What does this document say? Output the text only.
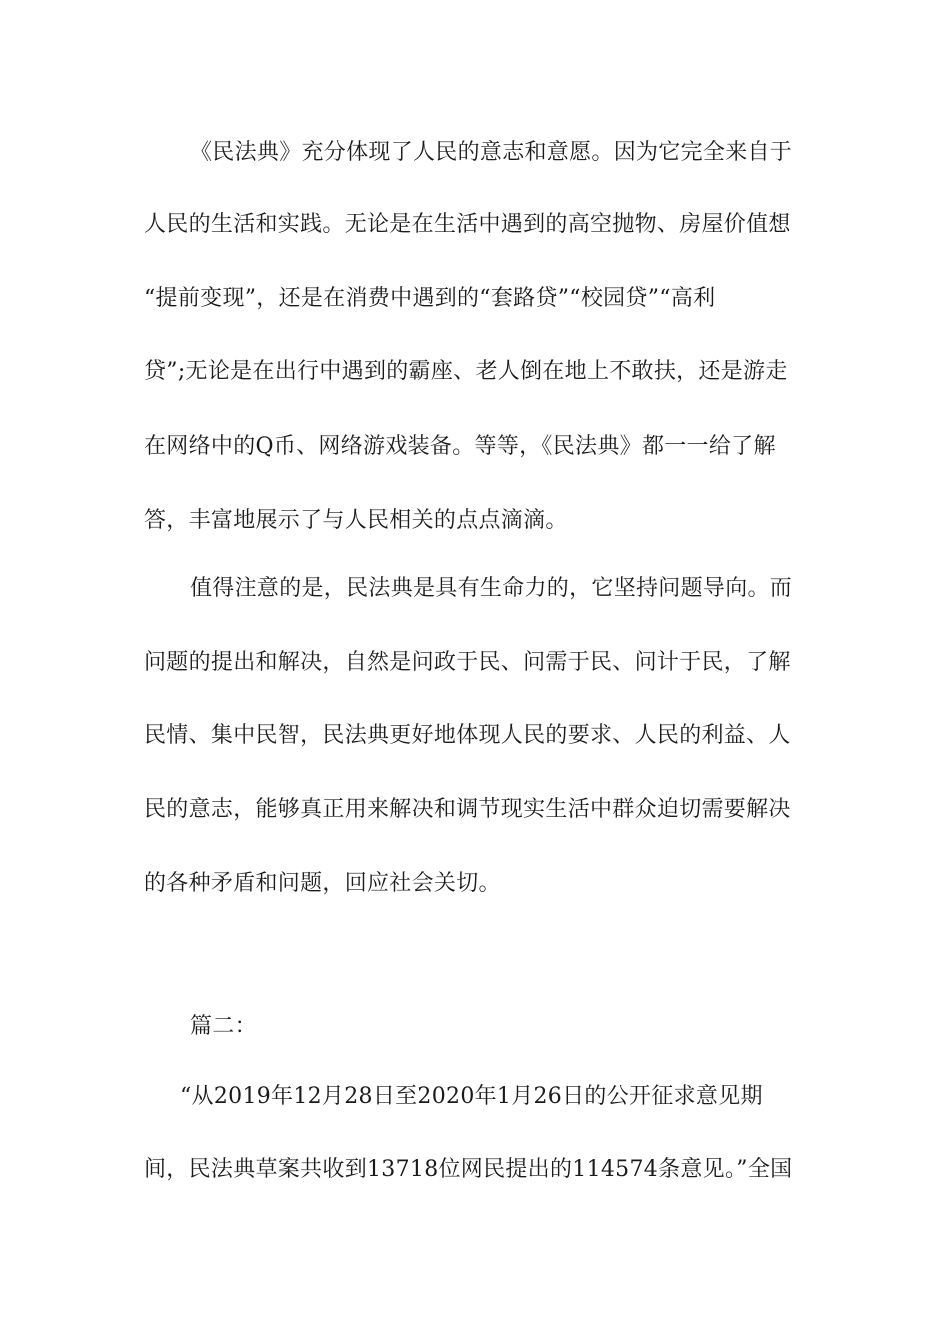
《民法典》充分体现了人民的意志和意愿。因为它完全来自于
人民的生活和实践。无论是在生活中遇到的高空抛物、房屋价值想
“提前变现”，还是在消费中遇到的“套路贷”“校园贷”“高利
贷”;无论是在出行中遇到的霸座、老人倒在地上不敢扶，还是游走
在网络中的Q币、网络游戏装备。等等，《民法典》都一一给了解
答，丰富地展示了与人民相关的点点滴滴。
值得注意的是，民法典是具有生命力的，它坚持问题导向。而
问题的提出和解决，自然是问政于民、问需于民、问计于民，了解
民情、集中民智，民法典更好地体现人民的要求、人民的利益、人
民的意志，能够真正用来解决和调节现实生活中群众迫切需要解决
的各种矛盾和问题，回应社会关切。
篇二：
“从2019年12月28日至2020年1月26日的公开征求意见期
间，民法典草案共收到13718位网民提出的114574条意见。”全国
